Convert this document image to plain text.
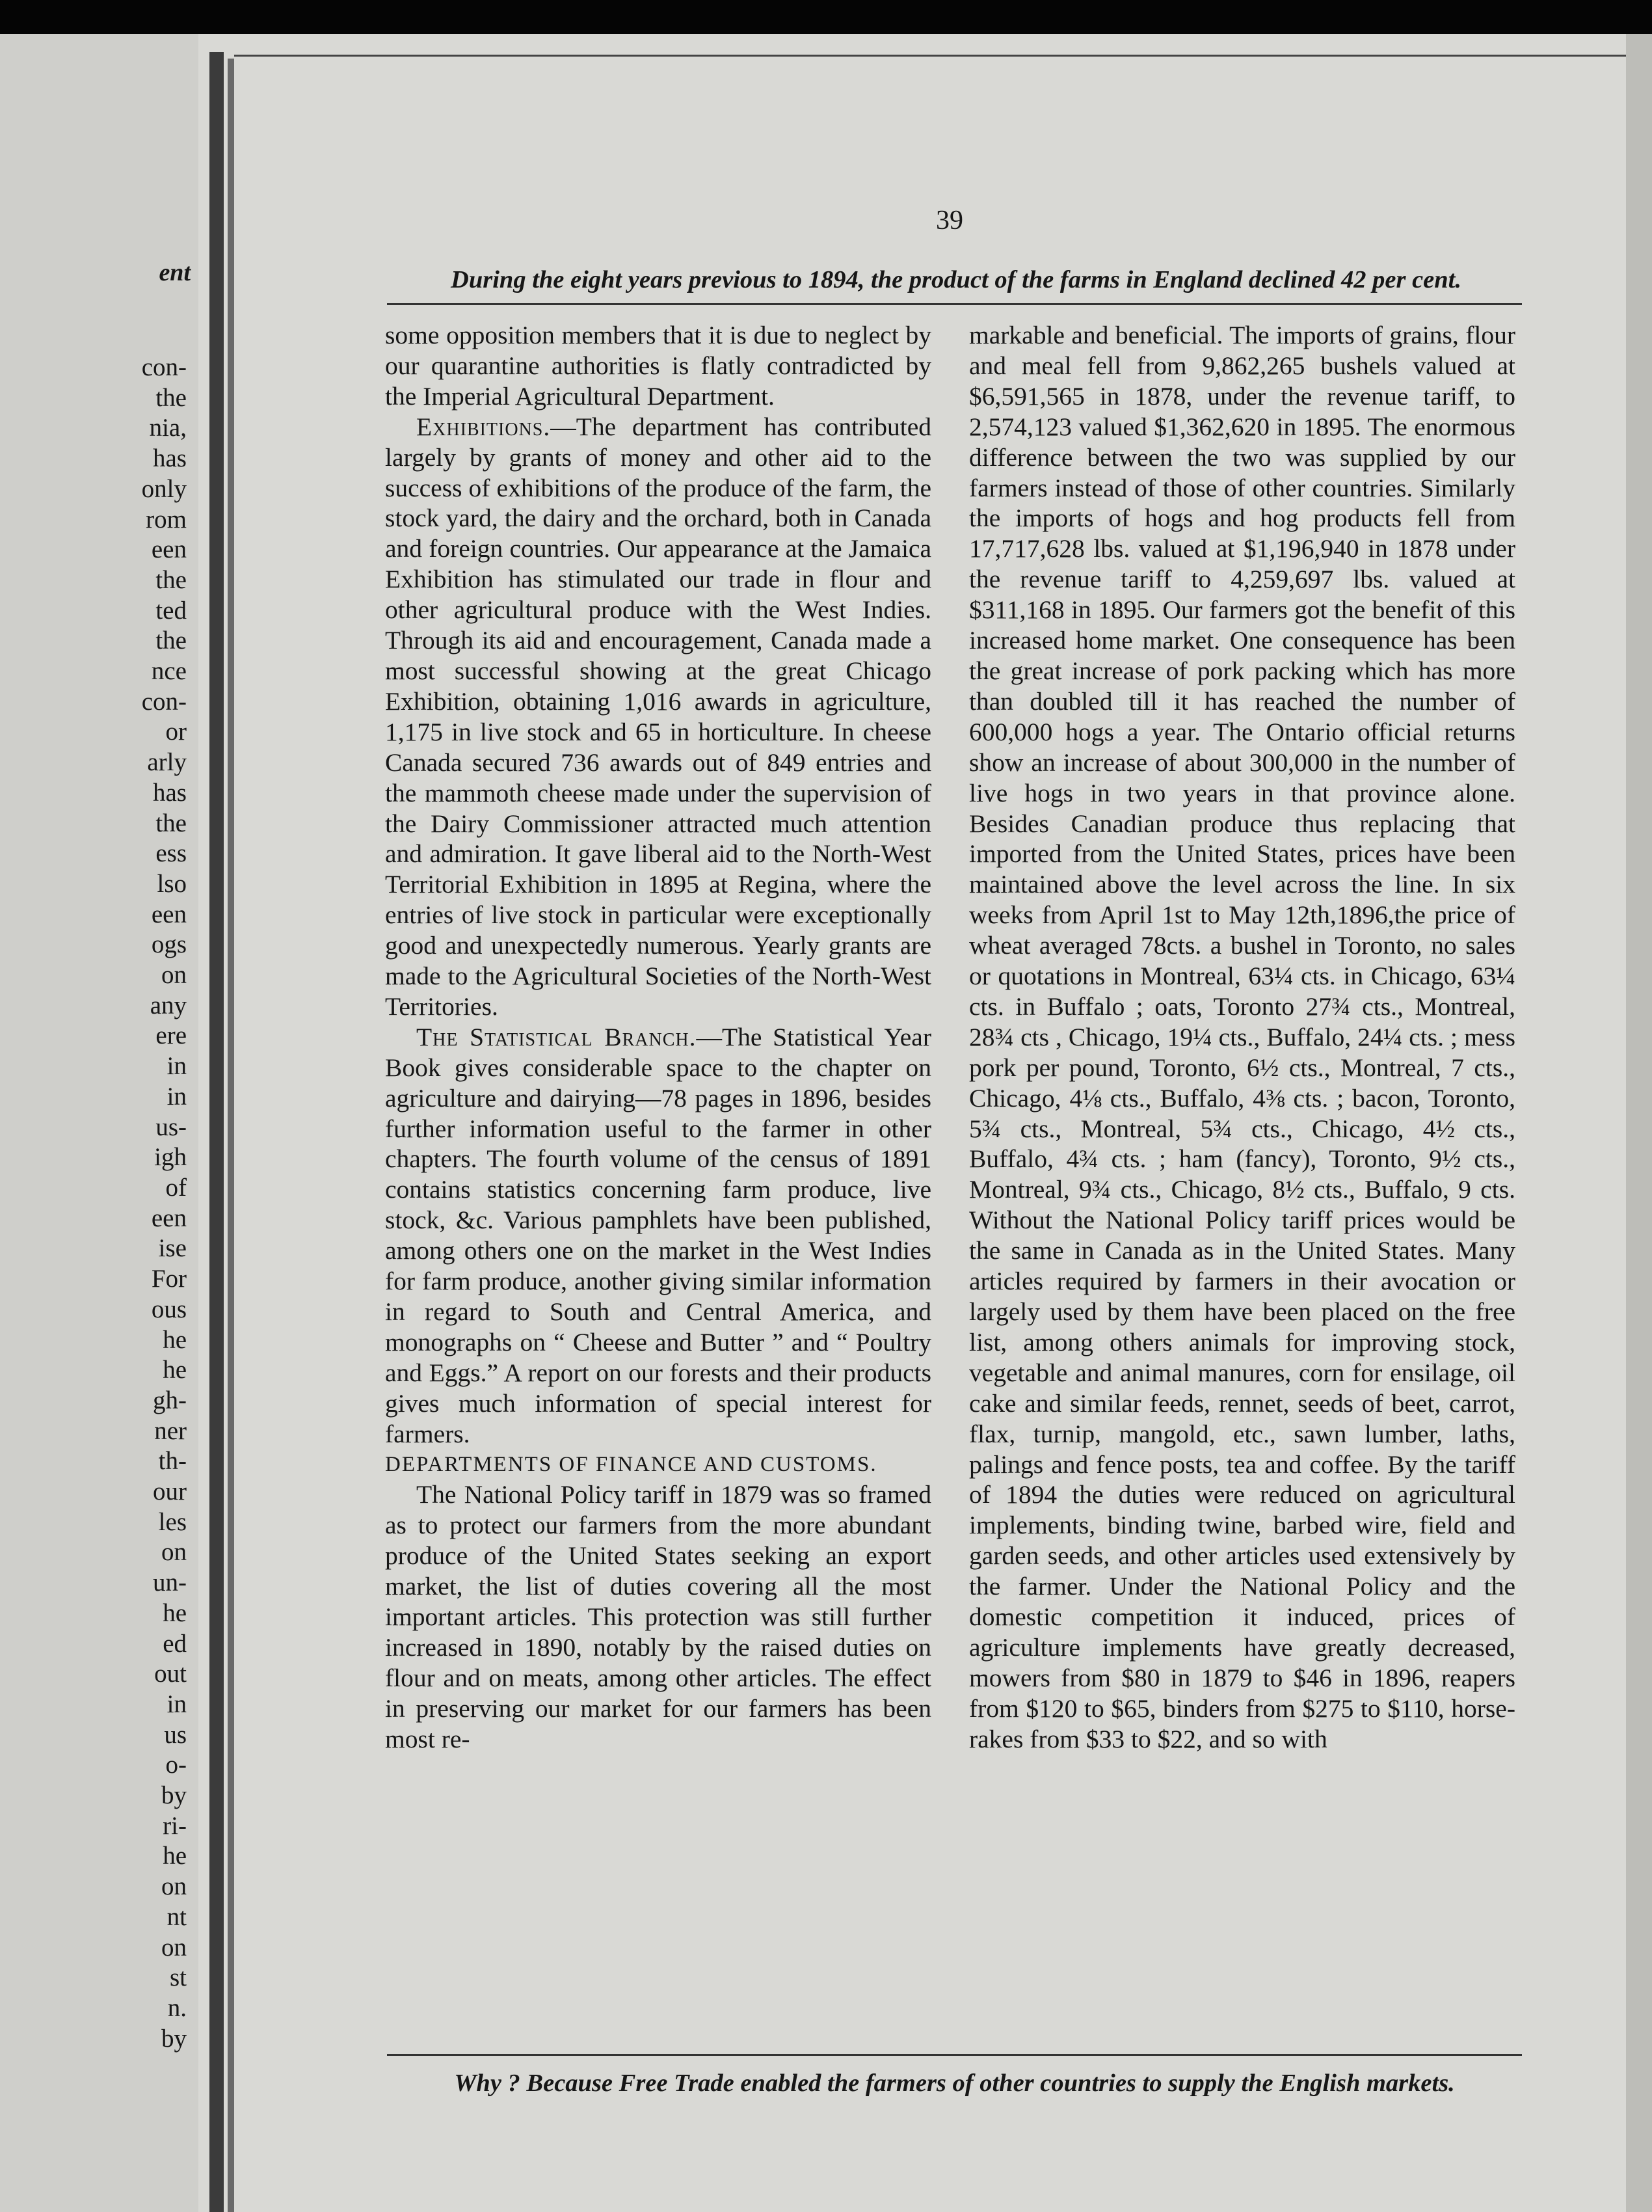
ent
con-
the
nia,
has
only
rom
een
the
ted
the
nce
con-
or
arly
has
the
ess
lso
een
ogs
on
any
ere
in
in
us-
igh
of
een
ise
For
ous
he
he
gh-
ner
th-
our
les
on
un-
he
ed
out
in
us
o-
by
ri-
he
on
nt
on
st
n.
by
39
During the eight years previous to 1894, the product of the farms in England declined 42 per cent.

some opposition members that it is due to neglect by our quarantine authorities is flatly contradicted by the Imperial Agricultural Department.

Exhibitions.—The department has contributed largely by grants of money and other aid to the success of exhibitions of the produce of the farm, the stock yard, the dairy and the orchard, both in Canada and foreign countries. Our appearance at the Jamaica Exhibition has stimulated our trade in flour and other agricultural produce with the West Indies. Through its aid and encouragement, Canada made a most successful showing at the great Chicago Exhibition, obtaining 1,016 awards in agriculture, 1,175 in live stock and 65 in horticulture. In cheese Canada secured 736 awards out of 849 entries and the mammoth cheese made under the supervision of the Dairy Commissioner attracted much attention and admiration. It gave liberal aid to the North-West Territorial Exhibition in 1895 at Regina, where the entries of live stock in particular were exceptionally good and unexpectedly numerous. Yearly grants are made to the Agricultural Societies of the North-West Territories.

The Statistical Branch.—The Statistical Year Book gives considerable space to the chapter on agriculture and dairying—78 pages in 1896, besides further information useful to the farmer in other chapters. The fourth volume of the census of 1891 contains statistics concerning farm produce, live stock, &c. Various pamphlets have been published, among others one on the market in the West Indies for farm produce, another giving similar information in regard to South and Central America, and monographs on “ Cheese and Butter ” and “ Poultry and Eggs.” A report on our forests and their products gives much information of special interest for farmers.

DEPARTMENTS OF FINANCE AND CUSTOMS.

The National Policy tariff in 1879 was so framed as to protect our farmers from the more abundant produce of the United States seeking an export market, the list of duties covering all the most important articles. This protection was still further increased in 1890, notably by the raised duties on flour and on meats, among other articles. The effect in preserving our market for our farmers has been most re-

markable and beneficial. The imports of grains, flour and meal fell from 9,862,265 bushels valued at $6,591,565 in 1878, under the revenue tariff, to 2,574,123 valued $1,362,620 in 1895. The enormous difference between the two was supplied by our farmers instead of those of other countries. Similarly the imports of hogs and hog products fell from 17,717,628 lbs. valued at $1,196,940 in 1878 under the revenue tariff to 4,259,697 lbs. valued at $311,168 in 1895. Our farmers got the benefit of this increased home market. One consequence has been the great increase of pork packing which has more than doubled till it has reached the number of 600,000 hogs a year. The Ontario official returns show an increase of about 300,000 in the number of live hogs in two years in that province alone. Besides Canadian produce thus replacing that imported from the United States, prices have been maintained above the level across the line. In six weeks from April 1st to May 12th,1896,the price of wheat averaged 78cts. a bushel in Toronto, no sales or quotations in Montreal, 63¼ cts. in Chicago, 63¼ cts. in Buffalo ; oats, Toronto 27¾ cts., Montreal, 28¾ cts , Chicago, 19¼ cts., Buffalo, 24¼ cts. ; mess pork per pound, Toronto, 6½ cts., Montreal, 7 cts., Chicago, 4⅛ cts., Buffalo, 4⅜ cts. ; bacon, Toronto, 5¾ cts., Montreal, 5¾ cts., Chicago, 4½ cts., Buffalo, 4¾ cts. ; ham (fancy), Toronto, 9½ cts., Montreal, 9¾ cts., Chicago, 8½ cts., Buffalo, 9 cts. Without the National Policy tariff prices would be the same in Canada as in the United States. Many articles required by farmers in their avocation or largely used by them have been placed on the free list, among others animals for improving stock, vegetable and animal manures, corn for ensilage, oil cake and similar feeds, rennet, seeds of beet, carrot, flax, turnip, mangold, etc., sawn lumber, laths, palings and fence posts, tea and coffee. By the tariff of 1894 the duties were reduced on agricultural implements, binding twine, barbed wire, field and garden seeds, and other articles used extensively by the farmer. Under the National Policy and the domestic competition it induced, prices of agriculture implements have greatly decreased, mowers from $80 in 1879 to $46 in 1896, reapers from $120 to $65, binders from $275 to $110, horse-rakes from $33 to $22, and so with

Why ? Because Free Trade enabled the farmers of other countries to supply the English markets.
